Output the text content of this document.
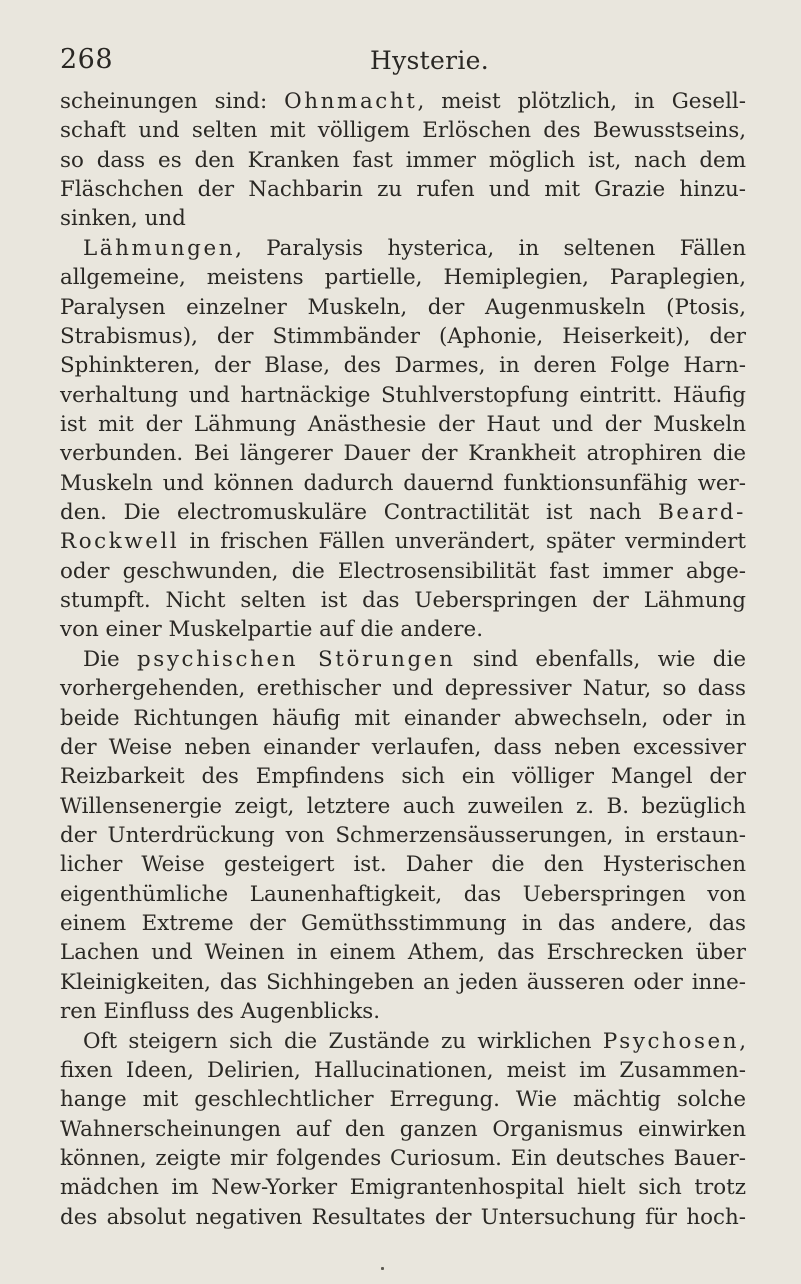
268	Hysterie.
scheinungen sind: Ohnmacht, meist plötzlich, in Gesell-
schaft und selten mit völligem Erlöschen des Bewusstseins,
so dass es den Kranken fast immer möglich ist, nach dem
Fläschchen der Nachbarin zu rufen und mit Grazie hinzu-
sinken, und
Lähmungen, Paralysis hysterica, in seltenen Fällen
allgemeine, meistens partielle, Hemiplegien, Paraplegien,
Paralysen einzelner Muskeln, der Augenmuskeln (Ptosis,
Strabismus), der Stimmbänder (Aphonie, Heiserkeit), der
Sphinkteren, der Blase, des Darmes, in deren Folge Harn-
verhaltung und hartnäckige Stuhlverstopfung eintritt. Häufig
ist mit der Lähmung Anästhesie der Haut und der Muskeln
verbunden. Bei längerer Dauer der Krankheit atrophiren die
Muskeln und können dadurch dauernd funktionsunfähig wer-
den. Die electromuskuläre Contractilität ist nach Beard-
Rockwell in frischen Fällen unverändert, später vermindert
oder geschwunden, die Electrosensibilität fast immer abge-
stumpft. Nicht selten ist das Ueberspringen der Lähmung
von einer Muskelpartie auf die andere.
Die psychischen Störungen sind ebenfalls, wie die
vorhergehenden, erethischer und depressiver Natur, so dass
beide Richtungen häufig mit einander abwechseln, oder in
der Weise neben einander verlaufen, dass neben excessiver
Reizbarkeit des Empfindens sich ein völliger Mangel der
Willensenergie zeigt, letztere auch zuweilen z. B. bezüglich
der Unterdrückung von Schmerzensäusserungen, in erstaun-
licher Weise gesteigert ist. Daher die den Hysterischen
eigenthümliche Launenhaftigkeit, das Ueberspringen von
einem Extreme der Gemüthsstimmung in das andere, das
Lachen und Weinen in einem Athem, das Erschrecken über
Kleinigkeiten, das Sichhingeben an jeden äusseren oder inne-
ren Einfluss des Augenblicks.
Oft steigern sich die Zustände zu wirklichen Psychosen,
fixen Ideen, Delirien, Hallucinationen, meist im Zusammen-
hange mit geschlechtlicher Erregung. Wie mächtig solche
Wahnerscheinungen auf den ganzen Organismus einwirken
können, zeigte mir folgendes Curiosum. Ein deutsches Bauer-
mädchen im New-Yorker Emigrantenhospital hielt sich trotz
des absolut negativen Resultates der Untersuchung für hoch-
